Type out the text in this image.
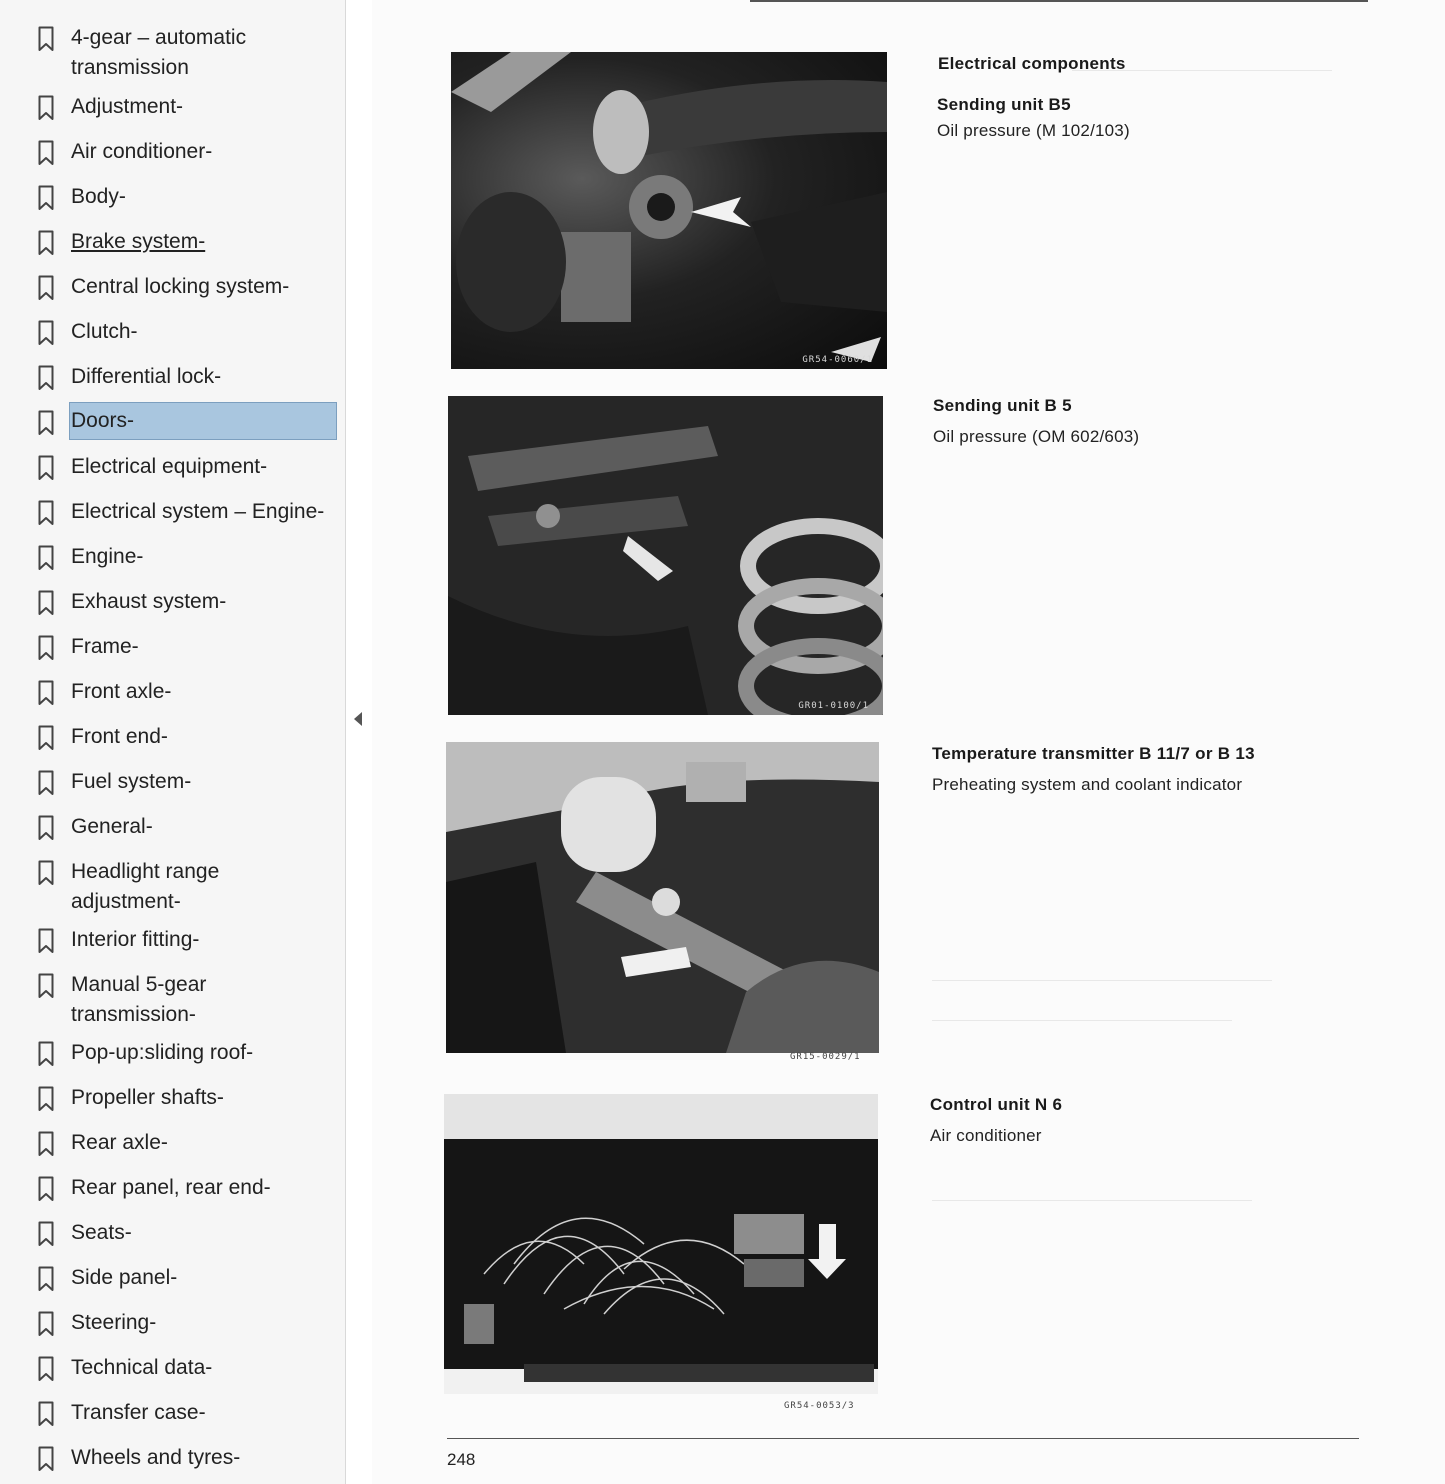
4-gear – automatic transmission
Adjustment-
Air conditioner-
Body-
Brake system-
Central locking system-
Clutch-
Differential lock-
Doors-
Electrical equipment-
Electrical system – Engine-
Engine-
Exhaust system-
Frame-
Front axle-
Front end-
Fuel system-
General-
Headlight range adjustment-
Interior fitting-
Manual 5-gear transmission-
Pop-up:sliding roof-
Propeller shafts-
Rear axle-
Rear panel, rear end-
Seats-
Side panel-
Steering-
Technical data-
Transfer case-
Wheels and tyres-
GR54-0060/1
Electrical components
Sending unit B5
Oil pressure (M 102/103)
GR01-0100/1
Sending unit B 5
Oil pressure (OM 602/603)
GR15-0029/1
Temperature transmitter B 11/7 or B 13
Preheating system and coolant indicator
GR54-0053/3
Control unit N 6
Air conditioner
248
